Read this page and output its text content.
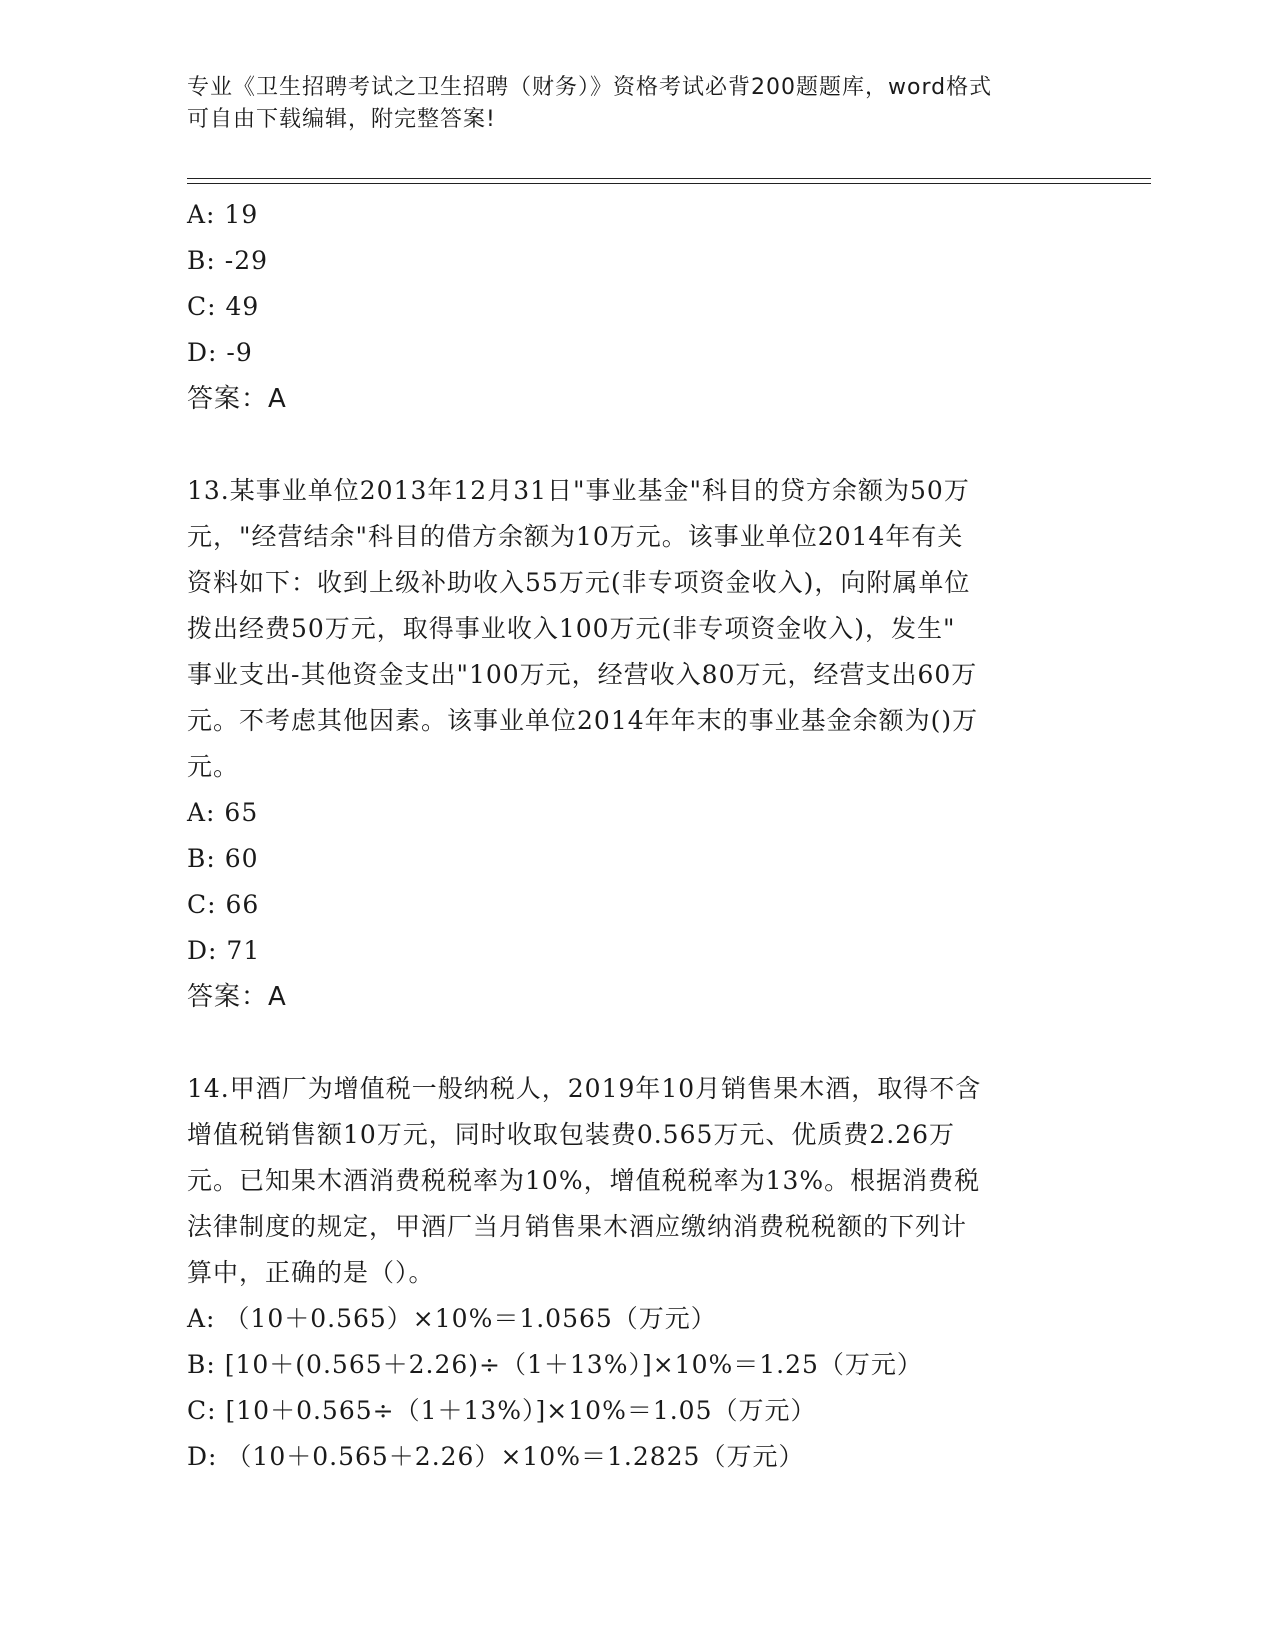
专业《卫生招聘考试之卫生招聘（财务）》资格考试必背200题题库，word格式
可自由下载编辑，附完整答案!
A: 19
B: -29
C: 49
D: -9
答案：A
13.某事业单位2013年12月31日"事业基金"科目的贷方余额为50万
元，"经营结余"科目的借方余额为10万元。该事业单位2014年有关
资料如下：收到上级补助收入55万元(非专项资金收入)，向附属单位
拨出经费50万元，取得事业收入100万元(非专项资金收入)，发生"
事业支出-其他资金支出"100万元，经营收入80万元，经营支出60万
元。不考虑其他因素。该事业单位2014年年末的事业基金余额为()万
元。
A: 65
B: 60
C: 66
D: 71
答案：A
14.甲酒厂为增值税一般纳税人，2019年10月销售果木酒，取得不含
增值税销售额10万元，同时收取包装费0.565万元、优质费2.26万
元。已知果木酒消费税税率为10%，增值税税率为13%。根据消费税
法律制度的规定，甲酒厂当月销售果木酒应缴纳消费税税额的下列计
算中，正确的是（）。
A: （10＋0.565）×10%＝1.0565（万元）
B: [10＋(0.565＋2.26)÷（1＋13%）]×10%＝1.25（万元）
C: [10＋0.565÷（1＋13%）]×10%＝1.05（万元）
D: （10＋0.565＋2.26）×10%＝1.2825（万元）
